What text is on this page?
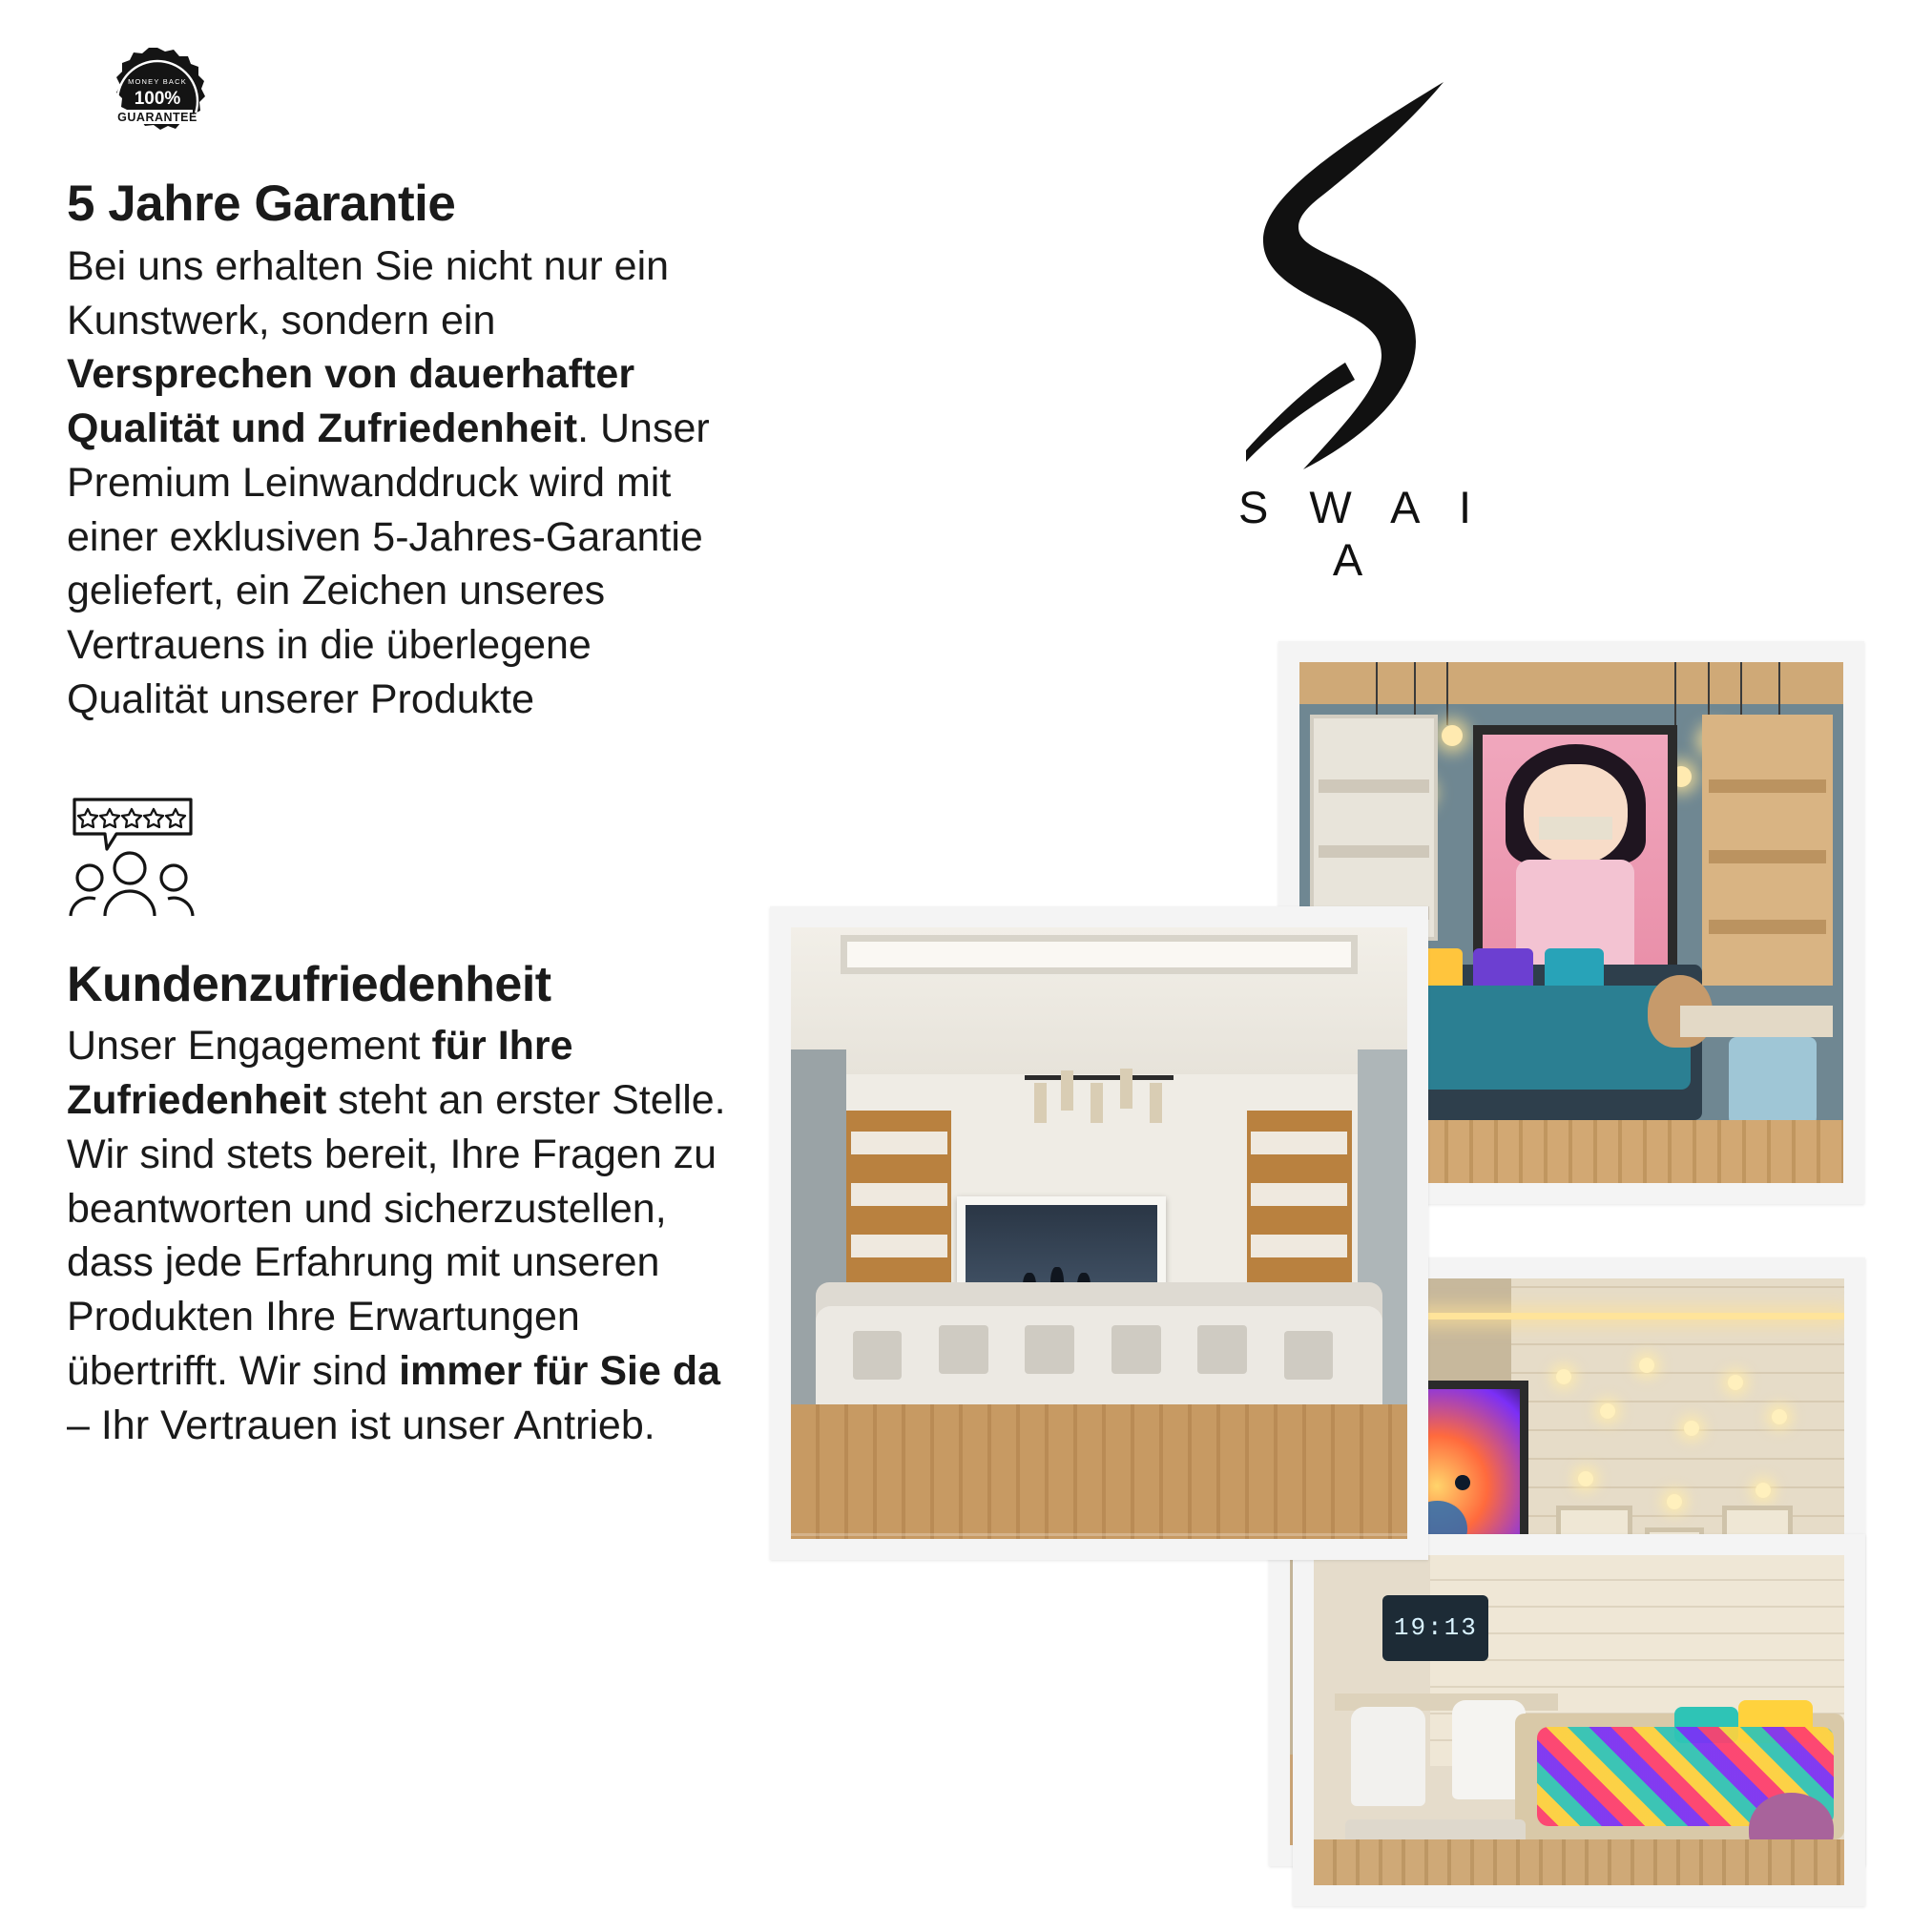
MONEY BACK
100%
GUARANTEE
★★★
5 Jahre Garantie
Bei uns erhalten Sie nicht nur ein Kunstwerk, sondern ein Versprechen von dauerhafter Qualität und Zufriedenheit. Unser Premium Leinwanddruck wird mit einer exklusiven 5-Jahres-Garantie geliefert, ein Zeichen unseres Vertrauens in die überlegene Qualität unserer Produkte
Kundenzufriedenheit
Unser Engagement für Ihre Zufriedenheit steht an erster Stelle. Wir sind stets bereit, Ihre Fragen zu beantworten und sicherzustellen, dass jede Erfahrung mit unseren Produkten Ihre Erwartungen übertrifft. Wir sind immer für Sie da – Ihr Vertrauen ist unser Antrieb.
S W A I A
19:13
